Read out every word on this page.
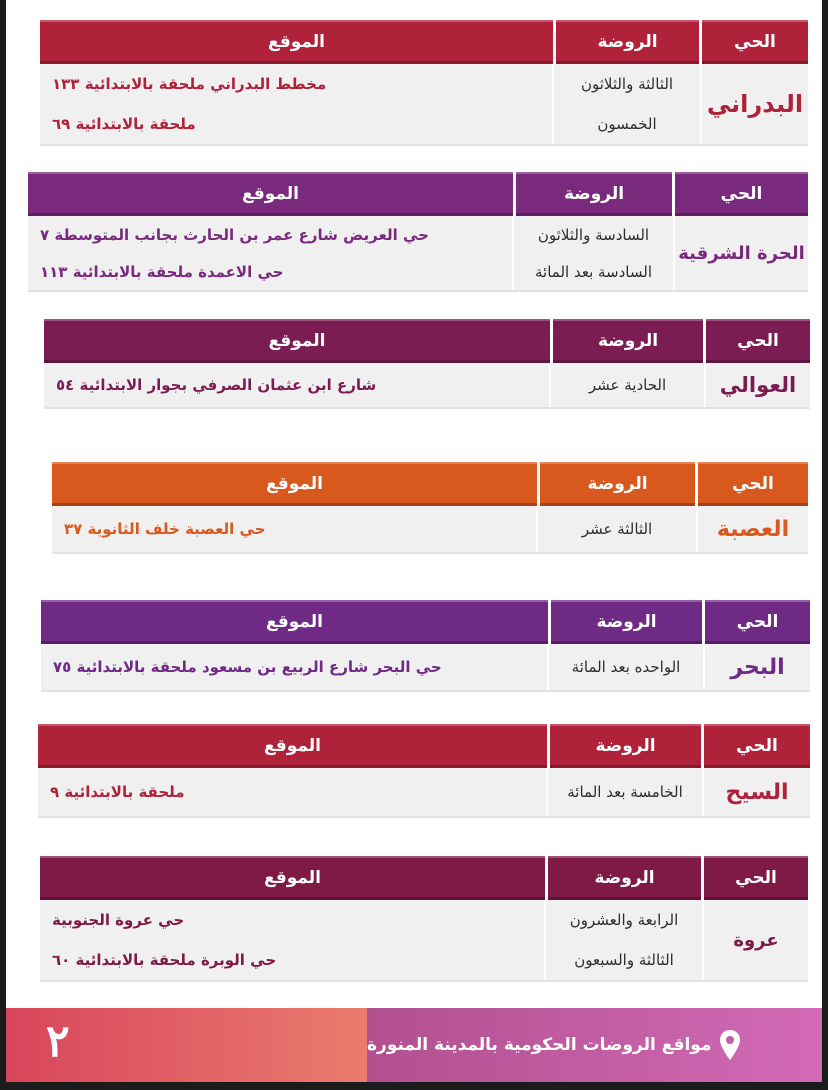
الحي
الروضة
الموقع
البدراني
الثالثة والثلاثون
مخطط البدراني ملحقة بالابتدائية ١٣٣
الخمسون
ملحقة بالابتدائية ٦٩
الحي
الروضة
الموقع
الحرة الشرقية
السادسة والثلاثون
حي العريض شارع عمر بن الحارث بجانب المتوسطة ٧
السادسة بعد المائة
حي الاعمدة ملحقة بالابتدائية ١١٣
الحي
الروضة
الموقع
العوالي
الحادية عشر
شارع ابن عثمان الصرفي بجوار الابتدائية ٥٤
الحي
الروضة
الموقع
العصبة
الثالثة عشر
حي العصبة خلف الثانوية ٣٧
الحي
الروضة
الموقع
البحر
الواحده بعد المائة
حي البحر شارع الربيع بن مسعود ملحقة بالابتدائية ٧٥
الحي
الروضة
الموقع
السيح
الخامسة بعد المائة
ملحقة بالابتدائية ٩
الحي
الروضة
الموقع
عروة
الرابعة والعشرون
حي عروة الجنوبية
الثالثة والسبعون
حي الوبرة ملحقة بالابتدائية ٦٠
٢	مواقع الروضات الحكومية بالمدينة المنورة
